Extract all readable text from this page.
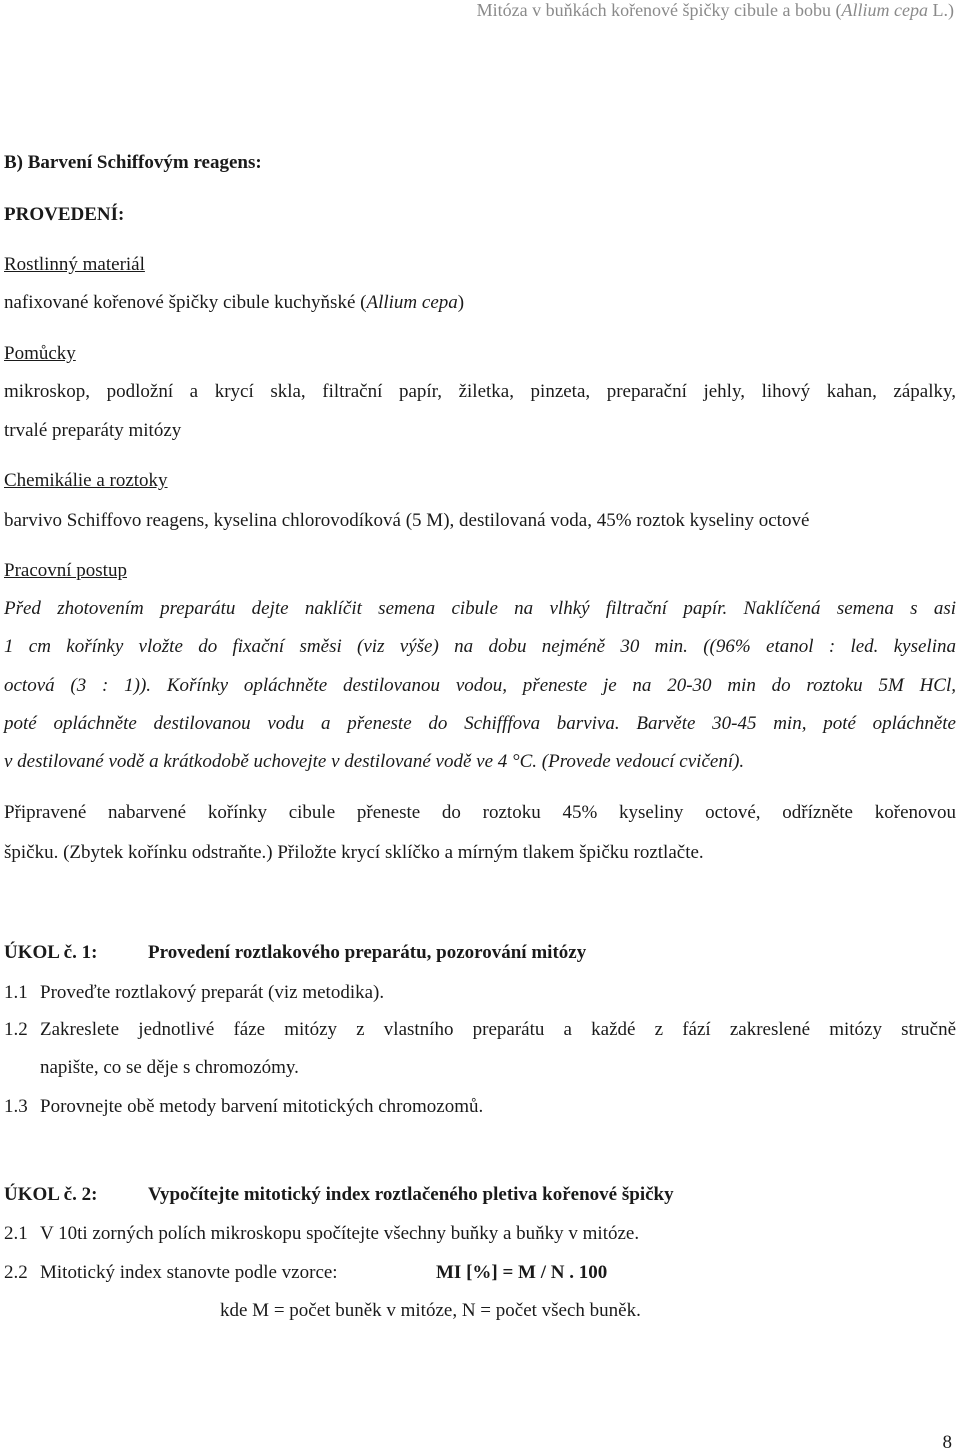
Mitóza v buňkách kořenové špičky cibule a bobu (Allium cepa L.)
B) Barvení Schiffovým reagens:
PROVEDENÍ:
Rostlinný materiál
nafixované kořenové špičky cibule kuchyňské (Allium cepa)
Pomůcky
mikroskop, podložní a krycí skla, filtrační papír, žiletka, pinzeta, preparační jehly, lihový kahan, zápalky,
trvalé preparáty mitózy
Chemikálie a roztoky
barvivo Schiffovo reagens, kyselina chlorovodíková (5 M), destilovaná voda, 45% roztok kyseliny octové
Pracovní postup
Před zhotovením preparátu dejte naklíčit semena cibule na vlhký filtrační papír. Naklíčená semena s asi
1 cm kořínky vložte do fixační směsi (viz výše) na dobu nejméně 30 min. ((96% etanol : led. kyselina
octová (3 : 1)). Kořínky opláchněte destilovanou vodou, přeneste je na 20-30 min do roztoku 5M HCl,
poté opláchněte destilovanou vodu a přeneste do Schifffova barviva. Barvěte 30-45 min, poté opláchněte
v destilované vodě a krátkodobě uchovejte v destilované vodě ve 4 °C. (Provede vedoucí cvičení).
Připravené nabarvené kořínky cibule přeneste do roztoku 45% kyseliny octové, odřízněte kořenovou
špičku. (Zbytek kořínku odstraňte.) Přiložte krycí sklíčko a mírným tlakem špičku roztlačte.
ÚKOL č. 1:	Provedení roztlakového preparátu, pozorování mitózy
1.1 Proveďte roztlakový preparát (viz metodika).
1.2 Zakreslete jednotlivé fáze mitózy z vlastního preparátu a každé z fází zakreslené mitózy stručně
napište, co se děje s chromozómy.
1.3 Porovnejte obě metody barvení mitotických chromozomů.
ÚKOL č. 2:	Vypočítejte mitotický index roztlačeného pletiva kořenové špičky
2.1 V 10ti zorných polích mikroskopu spočítejte všechny buňky a buňky v mitóze.
2.2 Mitotický index stanovte podle vzorce:	MI [%] = M / N . 100
kde M = počet buněk v mitóze, N = počet všech buněk.
8
